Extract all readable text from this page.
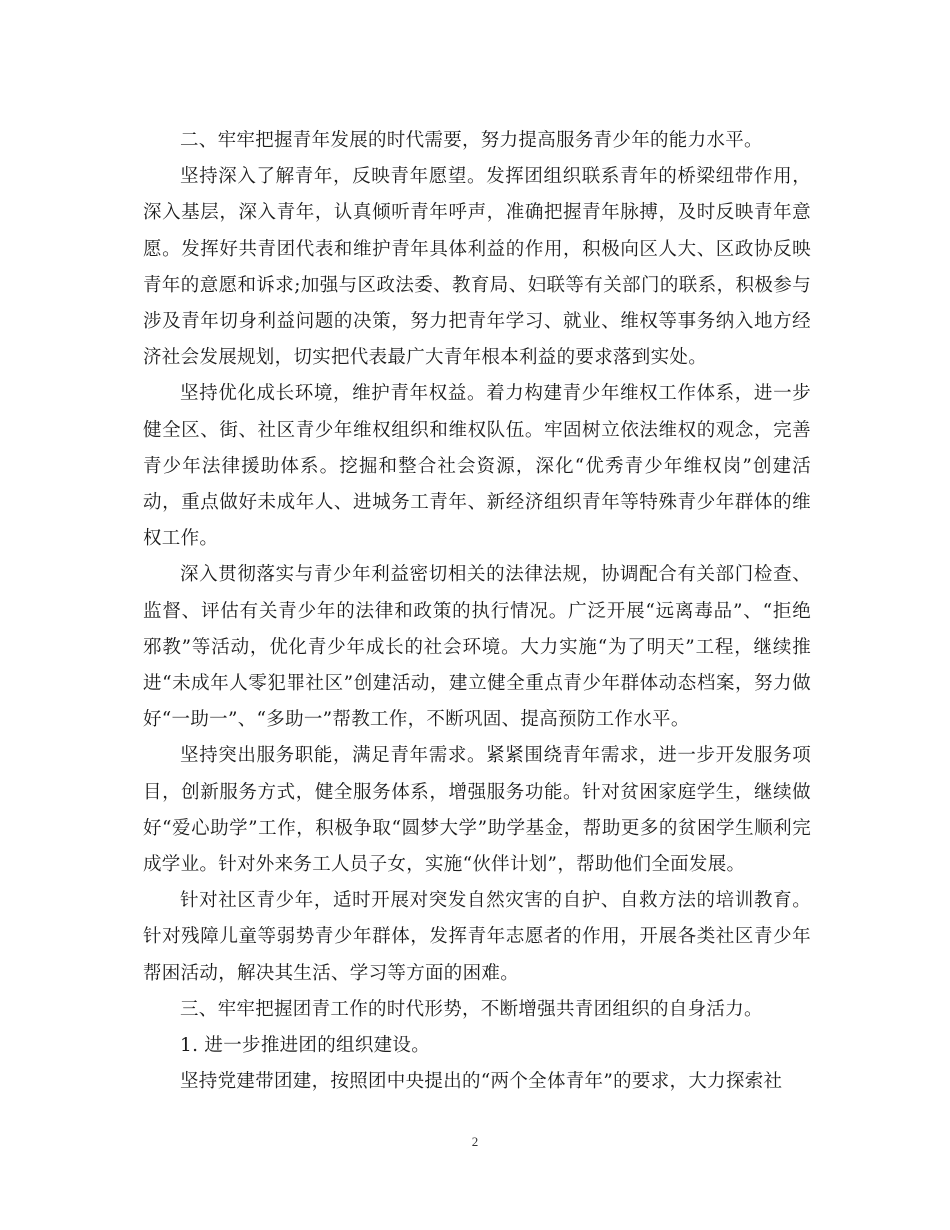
二、牢牢把握青年发展的时代需要，努力提高服务青少年的能力水平。

坚持深入了解青年，反映青年愿望。发挥团组织联系青年的桥梁纽带作用，深入基层，深入青年，认真倾听青年呼声，准确把握青年脉搏，及时反映青年意愿。发挥好共青团代表和维护青年具体利益的作用，积极向区人大、区政协反映青年的意愿和诉求;加强与区政法委、教育局、妇联等有关部门的联系，积极参与涉及青年切身利益问题的决策，努力把青年学习、就业、维权等事务纳入地方经济社会发展规划，切实把代表最广大青年根本利益的要求落到实处。

坚持优化成长环境，维护青年权益。着力构建青少年维权工作体系，进一步健全区、街、社区青少年维权组织和维权队伍。牢固树立依法维权的观念，完善青少年法律援助体系。挖掘和整合社会资源，深化“优秀青少年维权岗”创建活动，重点做好未成年人、进城务工青年、新经济组织青年等特殊青少年群体的维权工作。

深入贯彻落实与青少年利益密切相关的法律法规，协调配合有关部门检查、监督、评估有关青少年的法律和政策的执行情况。广泛开展“远离毒品”、“拒绝邪教”等活动，优化青少年成长的社会环境。大力实施“为了明天”工程，继续推进“未成年人零犯罪社区”创建活动，建立健全重点青少年群体动态档案，努力做好“一助一”、“多助一”帮教工作，不断巩固、提高预防工作水平。

坚持突出服务职能，满足青年需求。紧紧围绕青年需求，进一步开发服务项目，创新服务方式，健全服务体系，增强服务功能。针对贫困家庭学生，继续做好“爱心助学”工作，积极争取“圆梦大学”助学基金，帮助更多的贫困学生顺利完成学业。针对外来务工人员子女，实施“伙伴计划”，帮助他们全面发展。

针对社区青少年，适时开展对突发自然灾害的自护、自救方法的培训教育。针对残障儿童等弱势青少年群体，发挥青年志愿者的作用，开展各类社区青少年帮困活动，解决其生活、学习等方面的困难。

三、牢牢把握团青工作的时代形势，不断增强共青团组织的自身活力。

1. 进一步推进团的组织建设。

坚持党建带团建，按照团中央提出的“两个全体青年”的要求，大力探索社

2
